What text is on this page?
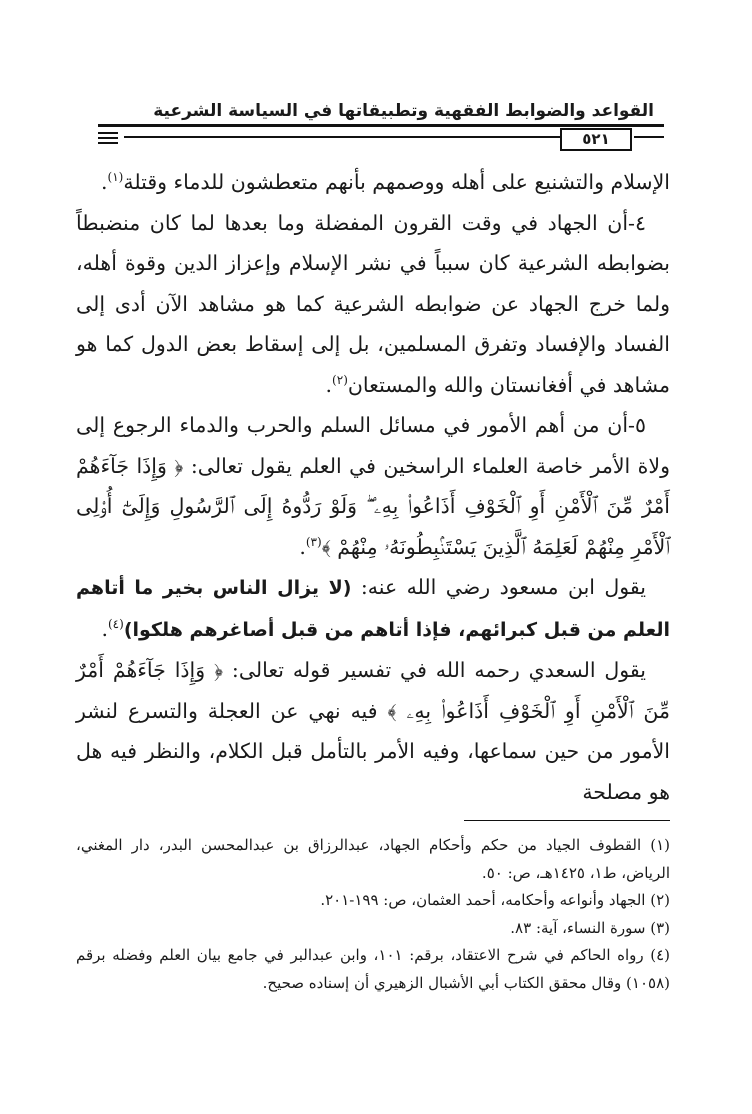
القواعد والضوابط الفقهية وتطبيقاتها في السياسة الشرعية
٥٢١

الإسلام والتشنيع على أهله ووصمهم بأنهم متعطشون للدماء وقتلة$^{(١)}$.

٤-أن الجهاد في وقت القرون المفضلة وما بعدها لما كان منضبطاً بضوابطه الشرعية كان سبباً في نشر الإسلام وإعزاز الدين وقوة أهله، ولما خرج الجهاد عن ضوابطه الشرعية كما هو مشاهد الآن أدى إلى الفساد والإفساد وتفرق المسلمين، بل إلى إسقاط بعض الدول كما هو مشاهد في أفغانستان والله والمستعان$^{(٢)}$.

٥-أن من أهم الأمور في مسائل السلم والحرب والدماء الرجوع إلى ولاة الأمر خاصة العلماء الراسخين في العلم يقول تعالى: ﴿ وَإِذَا جَآءَهُمْ أَمْرٌ مِّنَ ٱلْأَمْنِ أَوِ ٱلْخَوْفِ أَذَاعُوا۟ بِهِۦ ۖ وَلَوْ رَدُّوهُ إِلَى ٱلرَّسُولِ وَإِلَىٰٓ أُو۟لِى ٱلْأَمْرِ مِنْهُمْ لَعَلِمَهُ ٱلَّذِينَ يَسْتَنۢبِطُونَهُۥ مِنْهُمْ ﴾$^{(٣)}$.

يقول ابن مسعود رضي الله عنه: (لا يزال الناس بخير ما أتاهم العلم من قبل كبرائهم، فإذا أتاهم من قبل أصاغرهم هلكوا)$^{(٤)}$.

يقول السعدي رحمه الله في تفسير قوله تعالى: ﴿ وَإِذَا جَآءَهُمْ أَمْرٌ مِّنَ ٱلْأَمْنِ أَوِ ٱلْخَوْفِ أَذَاعُوا۟ بِهِۦ ﴾ فيه نهي عن العجلة والتسرع لنشر الأمور من حين سماعها، وفيه الأمر بالتأمل قبل الكلام، والنظر فيه هل هو مصلحة

(١) القطوف الجياد من حكم وأحكام الجهاد، عبدالرزاق بن عبدالمحسن البدر، دار المغني، الرياض، ط١، ١٤٢٥هـ، ص: ٥٠.

(٢) الجهاد وأنواعه وأحكامه، أحمد العثمان، ص: ١٩٩-٢٠١.

(٣) سورة النساء، آية: ٨٣.

(٤) رواه الحاكم في شرح الاعتقاد، برقم: ١٠١، وابن عبدالبر في جامع بيان العلم وفضله برقم (١٠٥٨) وقال محقق الكتاب أبي الأشبال الزهيري أن إسناده صحيح.
